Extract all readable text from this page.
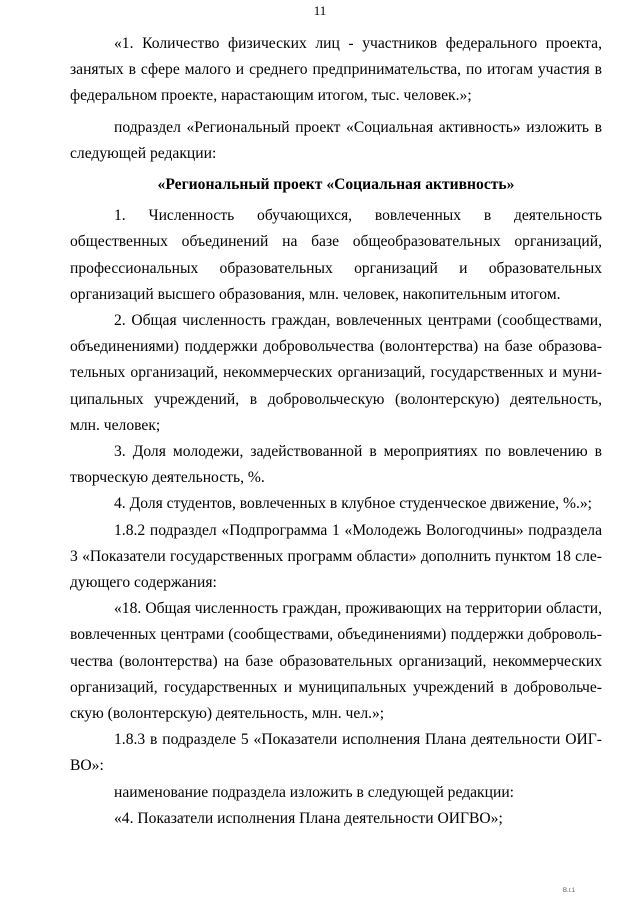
11

«1. Количество физических лиц - участников федерального проекта, занятых в сфере малого и среднего предпринимательства, по итогам участия в федеральном проекте, нарастающим итогом, тыс. человек.»;

подраздел «Региональный проект «Социальная активность» изложить в следующей редакции:

«Региональный проект «Социальная активность»

1. Численность обучающихся, вовлеченных в деятельность общественных объединений на базе общеобразовательных организаций, профессиональных образовательных организаций и образовательных организаций высшего образования, млн. человек, накопительным итогом.

2. Общая численность граждан, вовлеченных центрами (сообществами, объединениями) поддержки добровольчества (волонтерства) на базе образовательных организаций, некоммерческих организаций, государственных и муниципальных учреждений, в добровольческую (волонтерскую) деятельность, млн. человек;

3. Доля молодежи, задействованной в мероприятиях по вовлечению в творческую деятельность, %.

4. Доля студентов, вовлеченных в клубное студенческое движение, %.»;

1.8.2 подраздел «Подпрограмма 1 «Молодежь Вологодчины» подраздела 3 «Показатели государственных программ области» дополнить пунктом 18 следующего содержания:

«18. Общая численность граждан, проживающих на территории области, вовлеченных центрами (сообществами, объединениями) поддержки добровольчества (волонтерства) на базе образовательных организаций, некоммерческих организаций, государственных и муниципальных учреждений в добровольческую (волонтерскую) деятельность, млн. чел.»;

1.8.3 в подразделе 5 «Показатели исполнения Плана деятельности ОИГВО»:

наименование подраздела изложить в следующей редакции:

«4. Показатели исполнения Плана деятельности ОИГВО»;

В.г.1
